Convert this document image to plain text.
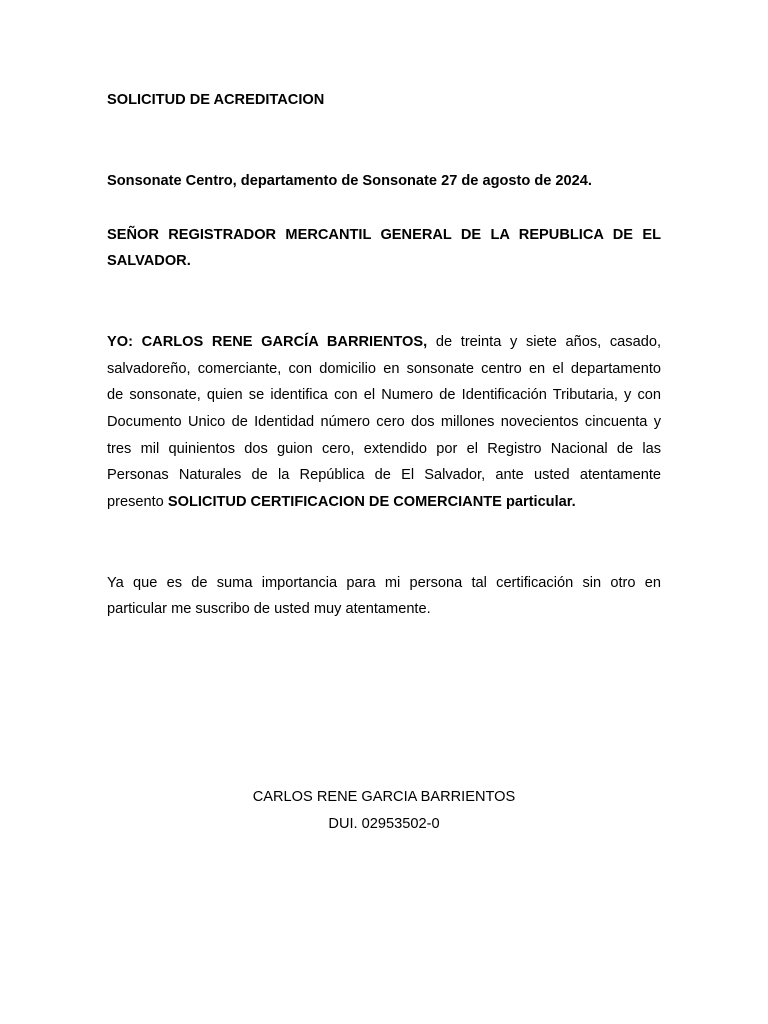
SOLICITUD DE ACREDITACION
Sonsonate Centro, departamento de Sonsonate 27 de agosto de 2024.
SEÑOR REGISTRADOR MERCANTIL GENERAL DE LA REPUBLICA DE EL
SALVADOR.
YO: CARLOS RENE GARCÍA BARRIENTOS, de treinta y siete años, casado,
salvadoreño, comerciante, con domicilio en sonsonate centro en el departamento
de sonsonate, quien se identifica con el Numero de Identificación Tributaria, y con
Documento Unico de Identidad número cero dos millones novecientos cincuenta y
tres mil quinientos dos guion cero, extendido por el Registro Nacional de las
Personas Naturales de la República de El Salvador, ante usted atentamente
presento SOLICITUD CERTIFICACION DE COMERCIANTE particular.
Ya que es de suma importancia para mi persona tal certificación sin otro en
particular me suscribo de usted muy atentamente.
CARLOS RENE GARCIA BARRIENTOS
DUI. 02953502-0
